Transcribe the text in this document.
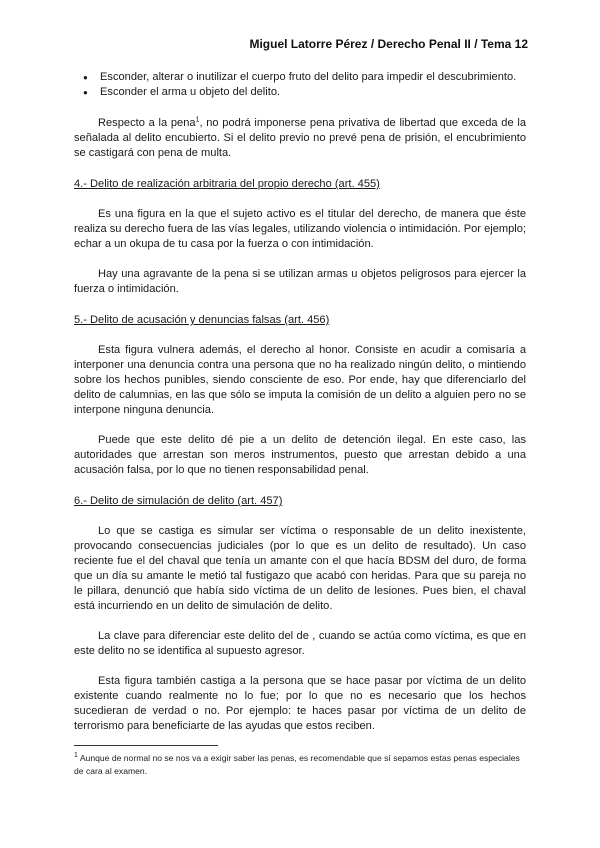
Miguel Latorre Pérez / Derecho Penal II / Tema 12
● Esconder, alterar o inutilizar el cuerpo fruto del delito para impedir el descubrimiento.
● Esconder el arma u objeto del delito.

Respecto a la pena$^1$, no podrá imponerse pena privativa de libertad que exceda de la señalada al delito encubierto. Si el delito previo no prevé pena de prisión, el encubrimiento se castigará con pena de multa.

4.- Delito de realización arbitraria del propio derecho (art. 455)

Es una figura en la que el sujeto activo es el titular del derecho, de manera que éste realiza su derecho fuera de las vías legales, utilizando violencia o intimidación. Por ejemplo; echar a un okupa de tu casa por la fuerza o con intimidación.

Hay una agravante de la pena si se utilizan armas u objetos peligrosos para ejercer la fuerza o intimidación.

5.- Delito de acusación y denuncias falsas (art. 456)

Esta figura vulnera además, el derecho al honor. Consiste en acudir a comisaría a interponer una denuncia contra una persona que no ha realizado ningún delito, o mintiendo sobre los hechos punibles, siendo consciente de eso. Por ende, hay que diferenciarlo del delito de calumnias, en las que sólo se imputa la comisión de un delito a alguien pero no se interpone ninguna denuncia.

Puede que este delito dé pie a un delito de detención ilegal. En este caso, las autoridades que arrestan son meros instrumentos, puesto que arrestan debido a una acusación falsa, por lo que no tienen responsabilidad penal.

6.- Delito de simulación de delito (art. 457)

Lo que se castiga es simular ser víctima o responsable de un delito inexistente, provocando consecuencias judiciales (por lo que es un delito de resultado). Un caso reciente fue el del chaval que tenía un amante con el que hacía BDSM del duro, de forma que un día su amante le metió tal fustigazo que acabó con heridas. Para que su pareja no le pillara, denunció que había sido víctima de un delito de lesiones. Pues bien, el chaval está incurriendo en un delito de simulación de delito.

La clave para diferenciar este delito del de , cuando se actúa como víctima, es que en este delito no se identifica al supuesto agresor.

Esta figura también castiga a la persona que se hace pasar por víctima de un delito existente cuando realmente no lo fue; por lo que no es necesario que los hechos sucedieran de verdad o no. Por ejemplo: te haces pasar por víctima de un delito de terrorismo para beneficiarte de las ayudas que estos reciben.

$^1$ Aunque de normal no se nos va a exigir saber las penas, es recomendable que sí sepamos estas penas especiales de cara al examen.
